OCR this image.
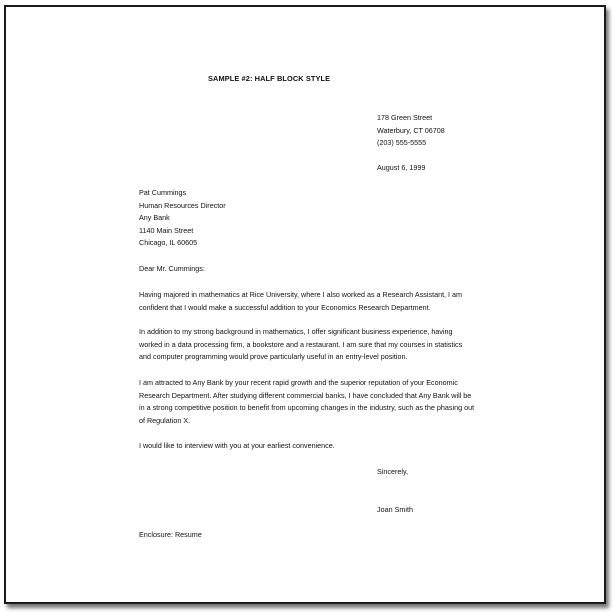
SAMPLE #2: HALF BLOCK STYLE
178 Green Street
Waterbury, CT 06708
(203) 555-5555
August 6, 1999
Pat Cummings
Human Resources Director
Any Bank
1140 Main Street
Chicago, IL 60605
Dear Mr. Cummings:
Having majored in mathematics at Rice University, where I also worked as a Research Assistant, I am
confident that I would make a successful addition to your Economics Research Department.
In addition to my strong background in mathematics, I offer significant business experience, having
worked in a data processing firm, a bookstore and a restaurant. I am sure that my courses in statistics
and computer programming would prove particularly useful in an entry-level position.
I am attracted to Any Bank by your recent rapid growth and the superior reputation of your Economic
Research Department. After studying different commercial banks, I have concluded that Any Bank will be
in a strong competitive position to benefit from upcoming changes in the industry, such as the phasing out
of Regulation X.
I would like to interview with you at your earliest convenience.
Sincerely,
Joan Smith
Enclosure: Resume
